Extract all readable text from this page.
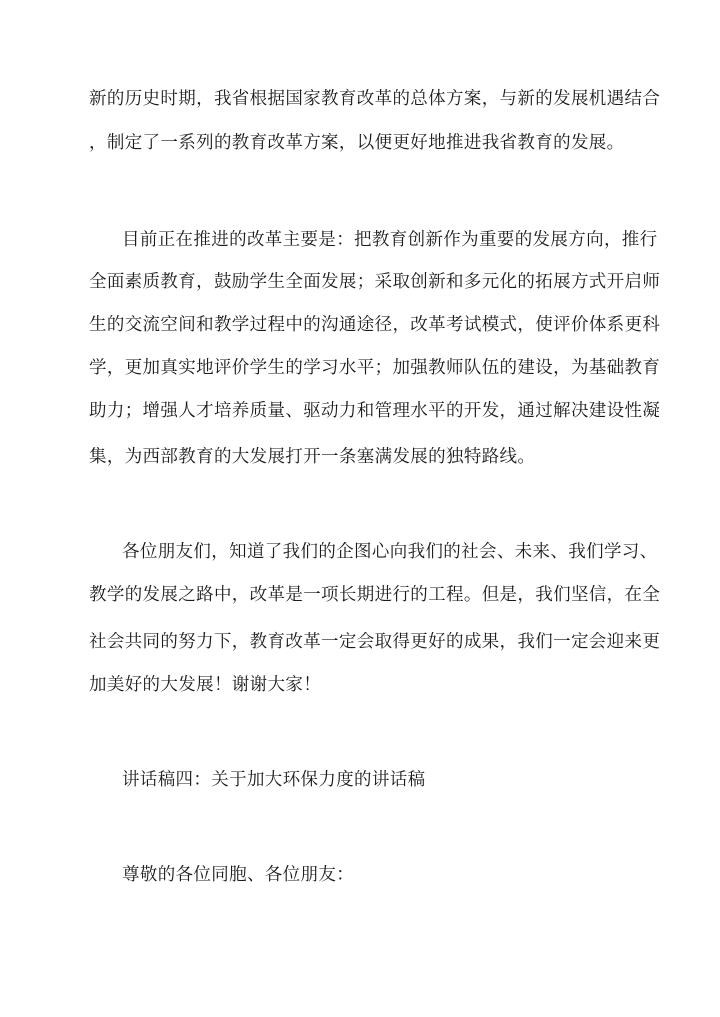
新的历史时期，我省根据国家教育改革的总体方案，与新的发展机遇结合
，制定了一系列的教育改革方案，以便更好地推进我省教育的发展。
目前正在推进的改革主要是：把教育创新作为重要的发展方向，推行
全面素质教育，鼓励学生全面发展；采取创新和多元化的拓展方式开启师
生的交流空间和教学过程中的沟通途径，改革考试模式，使评价体系更科
学，更加真实地评价学生的学习水平；加强教师队伍的建设，为基础教育
助力；增强人才培养质量、驱动力和管理水平的开发，通过解决建设性凝
集，为西部教育的大发展打开一条塞满发展的独特路线。
各位朋友们，知道了我们的企图心向我们的社会、未来、我们学习、
教学的发展之路中，改革是一项长期进行的工程。但是，我们坚信，在全
社会共同的努力下，教育改革一定会取得更好的成果，我们一定会迎来更
加美好的大发展！谢谢大家！
讲话稿四：关于加大环保力度的讲话稿
尊敬的各位同胞、各位朋友：
